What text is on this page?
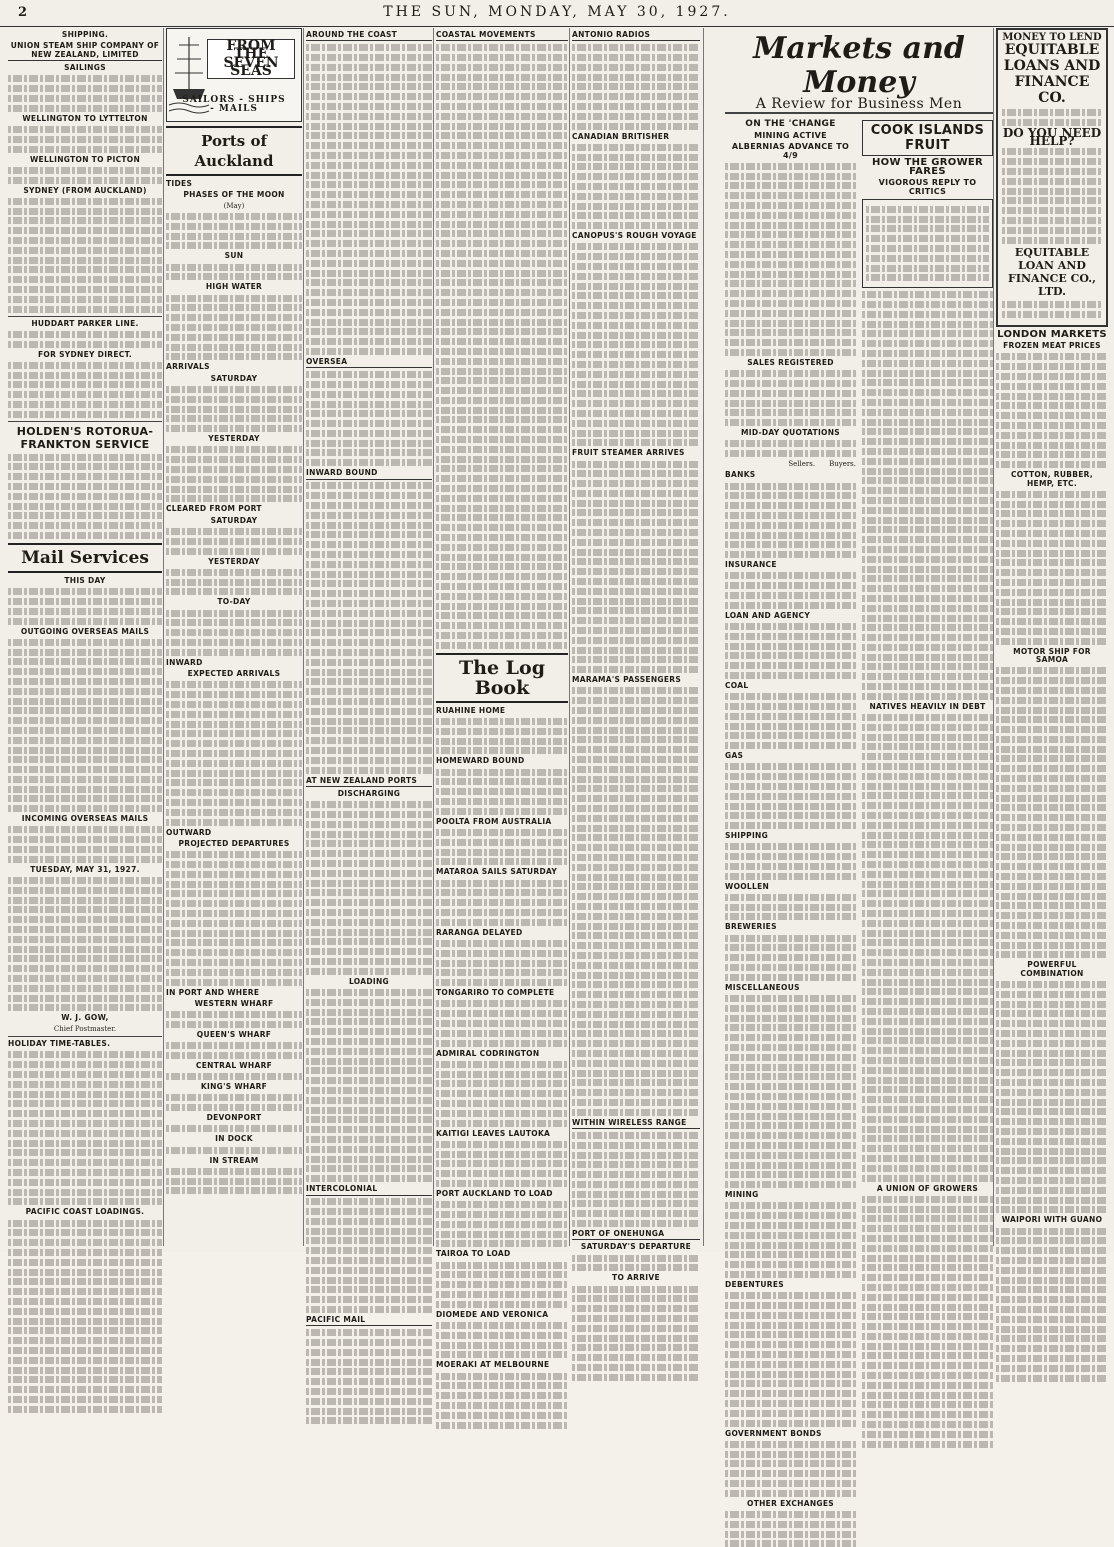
2	THE SUN, MONDAY, MAY 30, 1927.
SHIPPING.
UNION STEAM SHIP COMPANY OF NEW ZEALAND, LIMITED
SAILINGS
WELLINGTON TO LYTTELTON
WELLINGTON TO PICTON
SYDNEY (FROM AUCKLAND)
HUDDART PARKER LINE.
FOR SYDNEY DIRECT.
HOLDEN'S ROTORUA-FRANKTON SERVICE
Mail Services
THIS DAY
OUTGOING OVERSEAS MAILS
INCOMING OVERSEAS MAILS
TUESDAY, MAY 31, 1927.
W. J. GOW,
Chief Postmaster.
HOLIDAY TIME-TABLES.
PACIFIC COAST LOADINGS.
FROM THE SEVEN SEAS
SAILORS - SHIPS - MAILS
Ports of Auckland
TIDES
PHASES OF THE MOON
(May)
SUN
HIGH WATER
ARRIVALS
SATURDAY
YESTERDAY
CLEARED FROM PORT
SATURDAY
YESTERDAY
TO-DAY
INWARD
EXPECTED ARRIVALS
OUTWARD
PROJECTED DEPARTURES
IN PORT AND WHERE
WESTERN WHARF
QUEEN'S WHARF
CENTRAL WHARF
KING'S WHARF
DEVONPORT
IN DOCK
IN STREAM
AROUND THE COAST
OVERSEA
INWARD BOUND
AT NEW ZEALAND PORTS
DISCHARGING
LOADING
INTERCOLONIAL
PACIFIC MAIL
COASTAL MOVEMENTS
The Log Book
RUAHINE HOME
HOMEWARD BOUND
POOLTA FROM AUSTRALIA
MATAROA SAILS SATURDAY
RARANGA DELAYED
TONGARIRO TO COMPLETE
ADMIRAL CODRINGTON
KAITIGI LEAVES LAUTOKA
PORT AUCKLAND TO LOAD
TAIROA TO LOAD
DIOMEDE AND VERONICA
MOERAKI AT MELBOURNE
ANTONIO RADIOS
CANADIAN BRITISHER
CANOPUS'S ROUGH VOYAGE
FRUIT STEAMER ARRIVES
MARAMA'S PASSENGERS
WITHIN WIRELESS RANGE
PORT OF ONEHUNGA
SATURDAY'S DEPARTURE
TO ARRIVE
Markets and Money
A Review for Business Men
ON THE 'CHANGE
MINING ACTIVE
ALBERNIAS ADVANCE TO 4/9
SALES REGISTERED
MID-DAY QUOTATIONS
Sellers. Buyers.
BANKS
INSURANCE
LOAN AND AGENCY
COAL
GAS
SHIPPING
WOOLLEN
BREWERIES
MISCELLANEOUS
MINING
DEBENTURES
GOVERNMENT BONDS
OTHER EXCHANGES
COOK ISLANDS FRUIT
HOW THE GROWER FARES
VIGOROUS REPLY TO CRITICS
NATIVES HEAVILY IN DEBT
A UNION OF GROWERS
MONEY TO LEND
EQUITABLE LOANS AND FINANCE CO.
DO YOU NEED HELP?
EQUITABLE LOAN AND FINANCE CO., LTD.
LONDON MARKETS
FROZEN MEAT PRICES
COTTON, RUBBER, HEMP, ETC.
MOTOR SHIP FOR SAMOA
POWERFUL COMBINATION
WAIPORI WITH GUANO
